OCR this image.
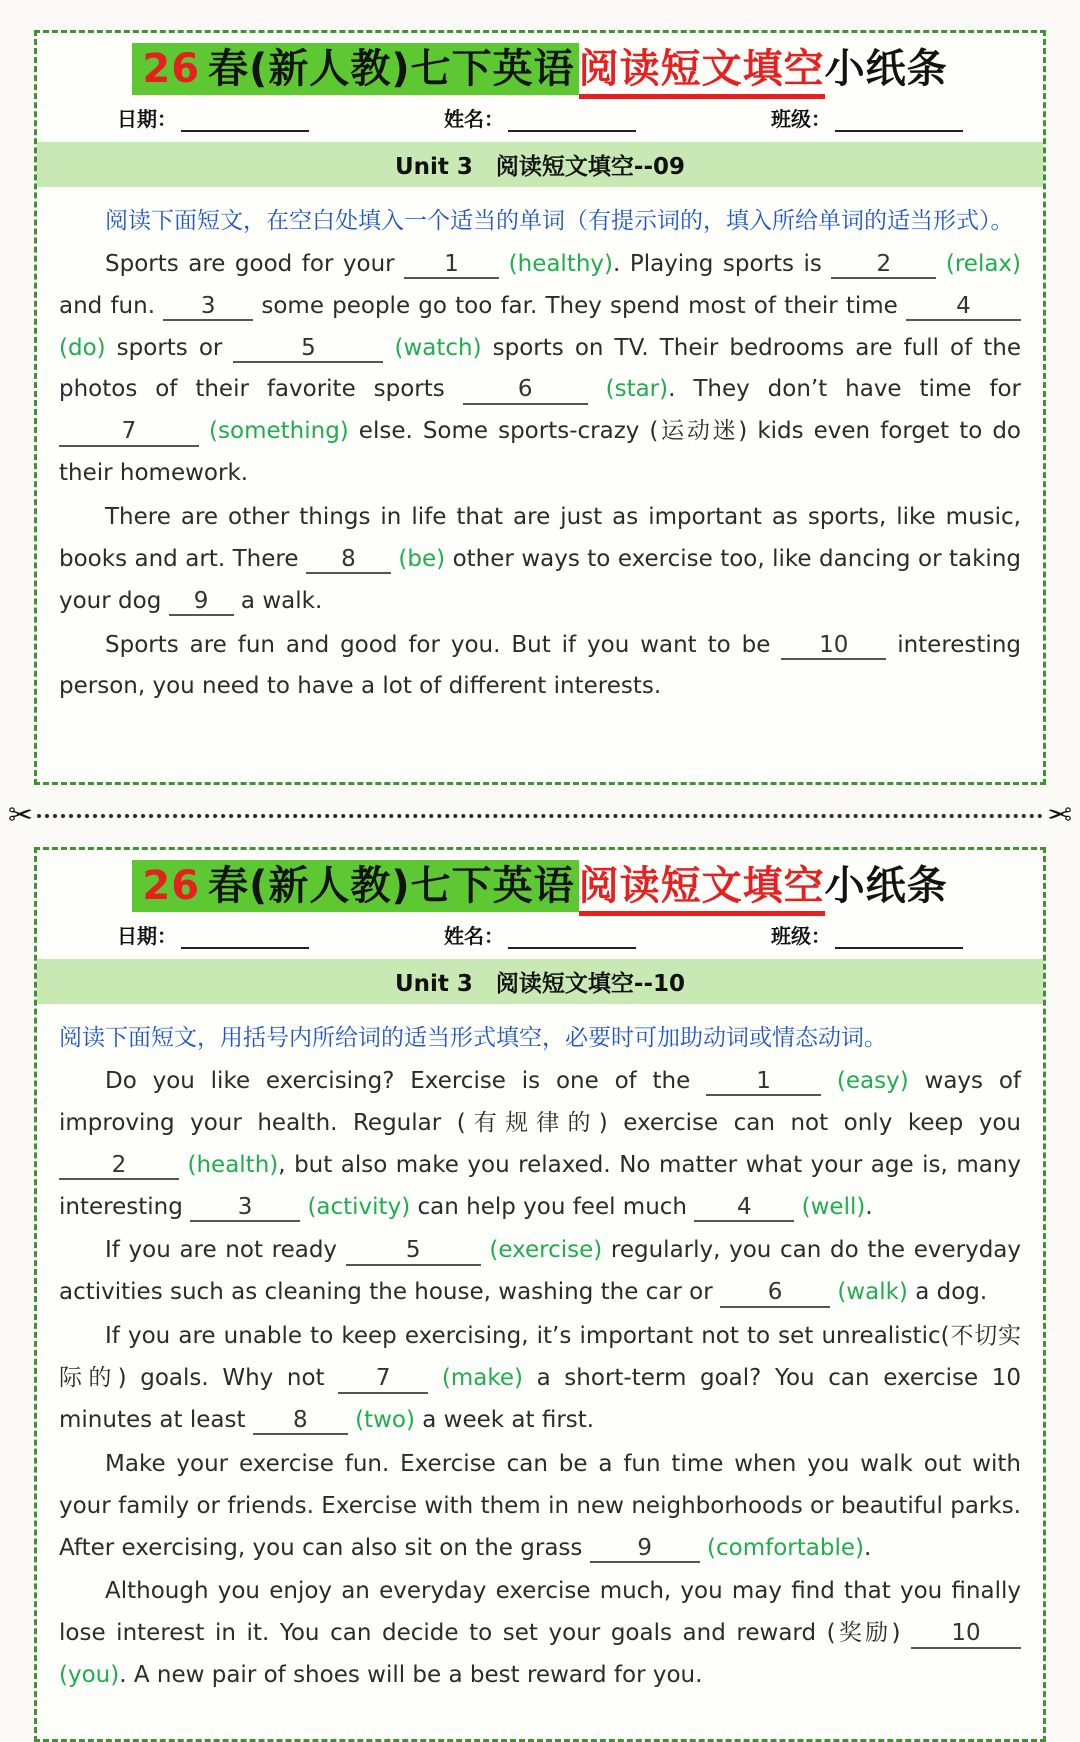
26 春(新人教)七下英语 阅读短文填空小纸条
日期：	姓名：	班级：
Unit 3　阅读短文填空--09

阅读下面短文，在空白处填入一个适当的单词（有提示词的，填入所给单词的适当形式）。

Sports are good for your 1 (healthy). Playing sports is 2 (relax) and fun. 3 some people go too far. They spend most of their time 4 (do) sports or	5	(watch) sports on TV. Their bedrooms are full of the photos of their favorite sports 6	(star). They don’t have time for 7	(something) else. Some sports-crazy (运动迷) kids even forget to do their homework.

There are other things in life that are just as important as sports, like music, books and art. There 8 (be) other ways to exercise too, like dancing or taking your dog 9 a walk.

Sports are fun and good for you. But if you want to be 10 interesting person, you need to have a lot of different interests.

✂	✂
26 春(新人教)七下英语 阅读短文填空小纸条
日期：	姓名：	班级：
Unit 3　阅读短文填空--10

阅读下面短文，用括号内所给词的适当形式填空，必要时可加助动词或情态动词。

Do you like exercising? Exercise is one of the 1	(easy) ways of improving your health. Regular (有规律的) exercise can not only keep you 2	(health), but also make you relaxed. No matter what your age is, many interesting 3 (activity) can help you feel much 4 (well).

If you are not ready	5	(exercise) regularly, you can do the everyday activities such as cleaning the house, washing the car or 6 (walk) a dog.

If you are unable to keep exercising, it’s important not to set unrealistic(不切实际的) goals. Why not 7 (make) a short-term goal? You can exercise 10 minutes at least 8 (two) a week at first.

Make your exercise fun. Exercise can be a fun time when you walk out with your family or friends. Exercise with them in new neighborhoods or beautiful parks. After exercising, you can also sit on the grass 9 (comfortable).

Although you enjoy an everyday exercise much, you may find that you finally lose interest in it. You can decide to set your goals and reward (奖励) 10 (you). A new pair of shoes will be a best reward for you.
